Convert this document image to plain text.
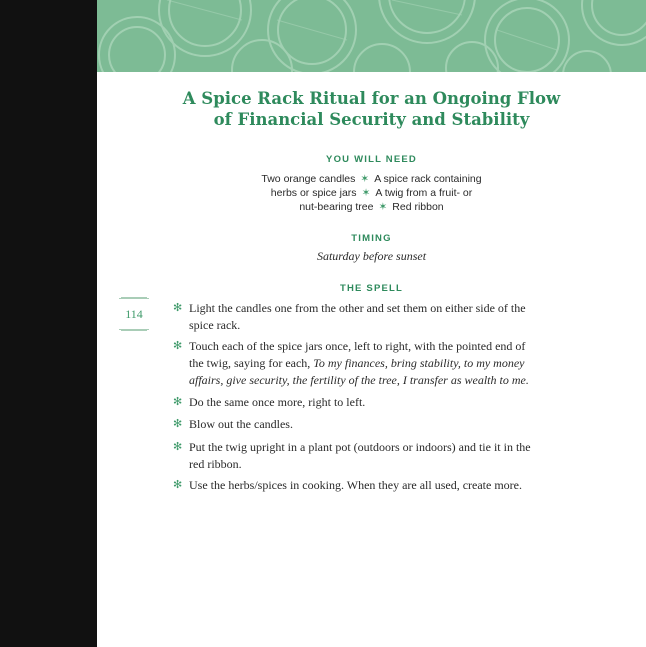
A Spice Rack Ritual for an Ongoing Flow
of Financial Security and Stability
YOU WILL NEED

Two orange candles ✶ A spice rack containing

herbs or spice jars ✶ A twig from a fruit- or

nut-bearing tree ✶ Red ribbon

TIMING

Saturday before sunset

THE SPELL
114	✻ Light the candles one from the other and set them on either side of the spice rack.
✻ Touch each of the spice jars once, left to right, with the pointed end of the twig, saying for each, To my finances, bring stability, to my money affairs, give security, the fertility of the tree, I transfer as wealth to me.
✻ Do the same once more, right to left.
✻ Blow out the candles.
✻ Put the twig upright in a plant pot (outdoors or indoors) and tie it in the red ribbon.
✻ Use the herbs/spices in cooking. When they are all used, create more.
